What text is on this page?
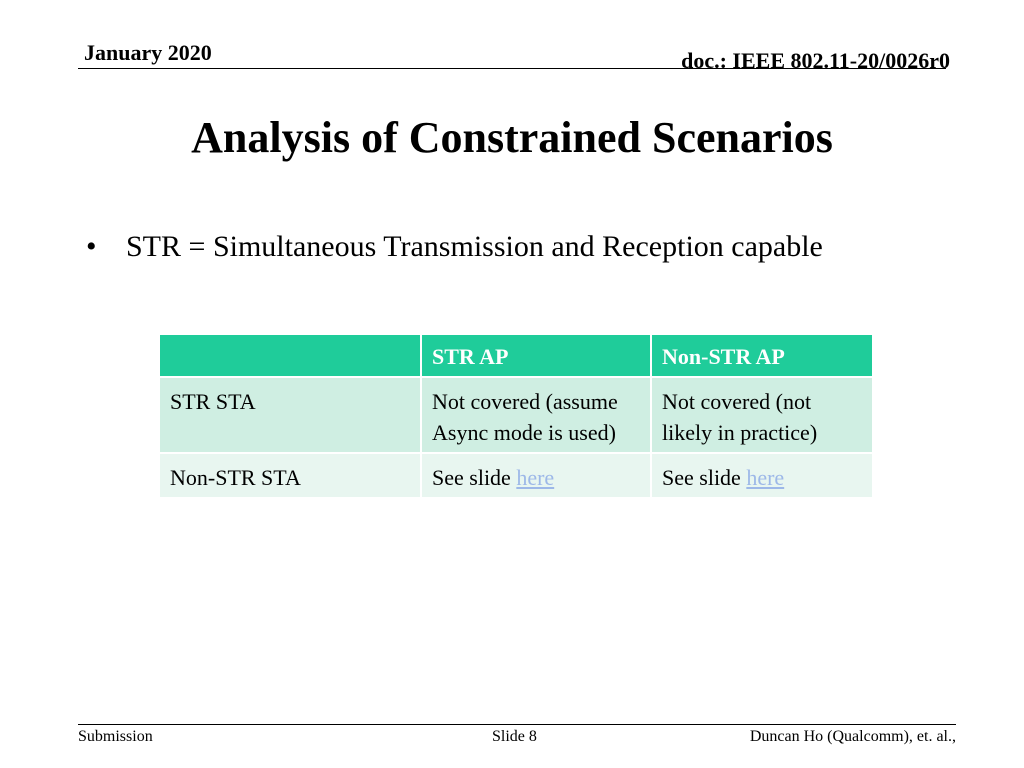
January 2020	doc.: IEEE 802.11-20/0026r0
Analysis of Constrained Scenarios
• STR = Simultaneous Transmission and Reception capable
	STR AP	Non-STR AP
STR STA	Not covered (assume Async mode is used)	Not covered (not likely in practice)
Non-STR STA	See slide here	See slide here
Submission	Slide 8	Duncan Ho (Qualcomm), et. al.,
